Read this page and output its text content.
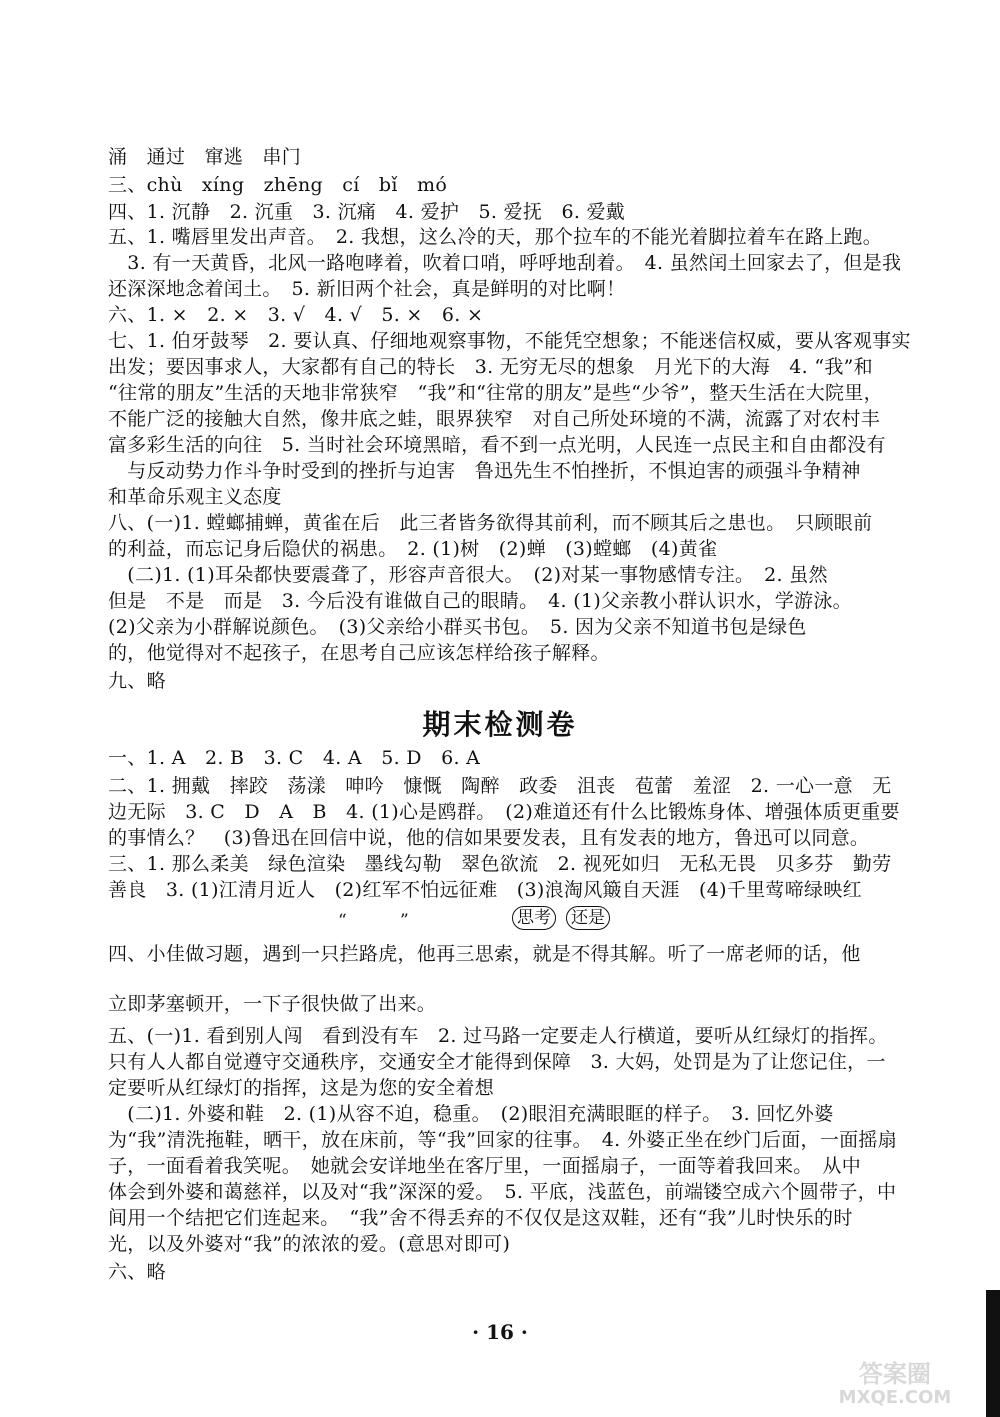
涌　通过　窜逃　串门
三、chù　xíng　zhēng　cí　bǐ　mó
四、1. 沉静　2. 沉重　3. 沉痛　4. 爱护　5. 爱抚　6. 爱戴
五、1. 嘴唇里发出声音。　2. 我想，这么冷的天，那个拉车的不能光着脚拉着车在路上跑。
　3. 有一天黄昏，北风一路咆哮着，吹着口哨，呼呼地刮着。　4. 虽然闰土回家去了，但是我
还深深地念着闰土。　5. 新旧两个社会，真是鲜明的对比啊！
六、1. ×　2. ×　3. √　4. √　5. ×　6. ×
七、1. 伯牙鼓琴　2. 要认真、仔细地观察事物，不能凭空想象；不能迷信权威，要从客观事实
出发；要因事求人，大家都有自己的特长　3. 无穷无尽的想象　月光下的大海　4. “我”和
“往常的朋友”生活的天地非常狭窄　“我”和“往常的朋友”是些“少爷”，整天生活在大院里，
不能广泛的接触大自然，像井底之蛙，眼界狭窄　对自己所处环境的不满，流露了对农村丰
富多彩生活的向往　5. 当时社会环境黑暗，看不到一点光明，人民连一点民主和自由都没有
　与反动势力作斗争时受到的挫折与迫害　鲁迅先生不怕挫折，不惧迫害的顽强斗争精神
和革命乐观主义态度
八、(一)1. 螳螂捕蝉，黄雀在后　此三者皆务欲得其前利，而不顾其后之患也。　只顾眼前
的利益，而忘记身后隐伏的祸患。　2. (1)树　(2)蝉　(3)螳螂　(4)黄雀
　(二)1. (1)耳朵都快要震聋了，形容声音很大。　(2)对某一事物感情专注。　2. 虽然
但是　不是　而是　3. 今后没有谁做自己的眼睛。　4. (1)父亲教小群认识水，学游泳。
(2)父亲为小群解说颜色。　(3)父亲给小群买书包。　5. 因为父亲不知道书包是绿色
的，他觉得对不起孩子，在思考自己应该怎样给孩子解释。
九、略
期末检测卷
一、1. A　2. B　3. C　4. A　5. D　6. A
二、1. 拥戴　摔跤　荡漾　呻吟　慷慨　陶醉　政委　沮丧　苞蕾　羞涩　2. 一心一意　无
边无际　3. C　D　A　B　4. (1)心是鸥群。　(2)难道还有什么比锻炼身体、增强体质更重要
的事情么？　(3)鲁迅在回信中说，他的信如果要发表，且有发表的地方，鲁迅可以同意。
三、1. 那么柔美　绿色渲染　墨线勾勒　翠色欲流　2. 视死如归　无私无畏　贝多芬　勤劳
善良　3. (1)江清月近人　(2)红军不怕远征难　(3)浪淘风簸自天涯　(4)千里莺啼绿映红
“	”	思考 还是
四、小佳做习题，遇到一只拦路虎，他再三思索，就是不得其解。听了一席老师的话，他
立即茅塞顿开，一下子很快做了出来。
五、(一)1. 看到别人闯　看到没有车　2. 过马路一定要走人行横道，要听从红绿灯的指挥。
只有人人都自觉遵守交通秩序，交通安全才能得到保障　3. 大妈，处罚是为了让您记住，一
定要听从红绿灯的指挥，这是为您的安全着想
　(二)1. 外婆和鞋　2. (1)从容不迫，稳重。　(2)眼泪充满眼眶的样子。　3. 回忆外婆
为“我”清洗拖鞋，晒干，放在床前，等“我”回家的往事。　4. 外婆正坐在纱门后面，一面摇扇
子，一面看着我笑呢。　她就会安详地坐在客厅里，一面摇扇子，一面等着我回来。　从中
体会到外婆和蔼慈祥，以及对“我”深深的爱。　5. 平底，浅蓝色，前端镂空成六个圆带子，中
间用一个结把它们连起来。　“我”舍不得丢弃的不仅仅是这双鞋，还有“我”儿时快乐的时
光，以及外婆对“我”的浓浓的爱。(意思对即可)
六、略
· 16 ·
答案圈
MXQE.COM
